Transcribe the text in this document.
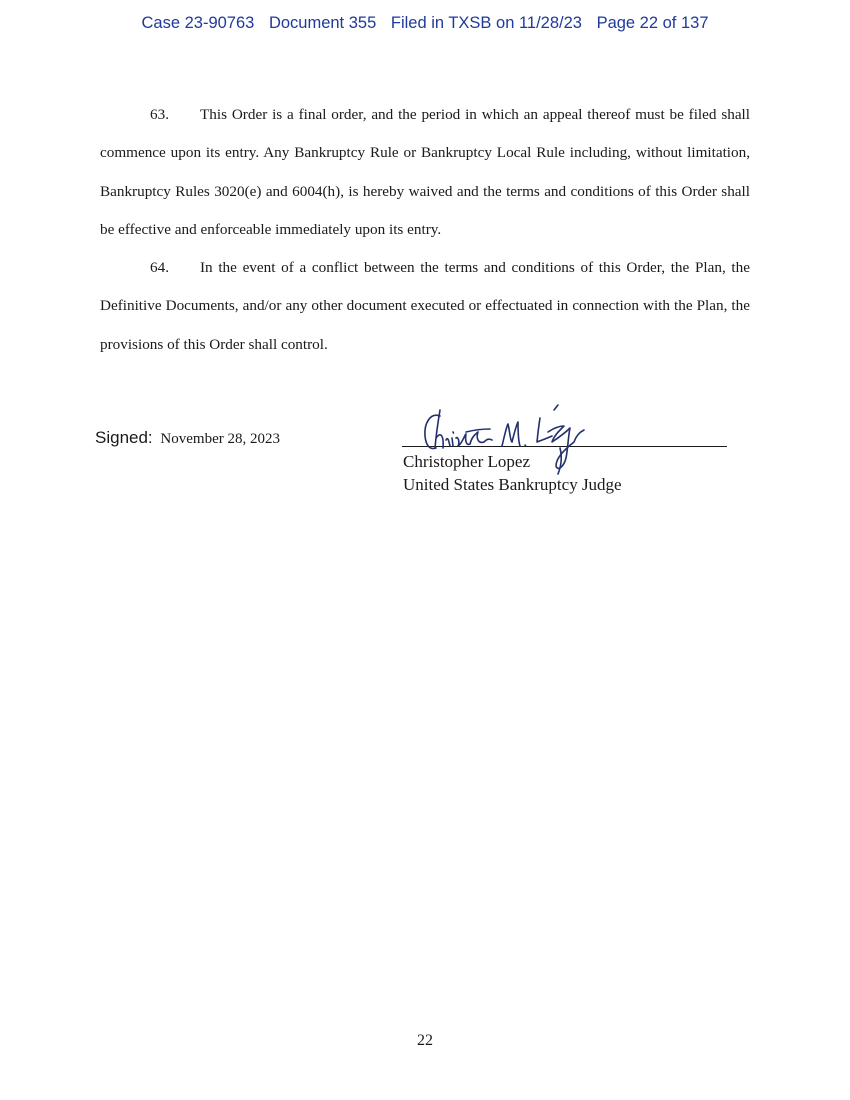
Case 23-90763 Document 355 Filed in TXSB on 11/28/23 Page 22 of 137

63. This Order is a final order, and the period in which an appeal thereof must be filed shall commence upon its entry. Any Bankruptcy Rule or Bankruptcy Local Rule including, without limitation, Bankruptcy Rules 3020(e) and 6004(h), is hereby waived and the terms and conditions of this Order shall be effective and enforceable immediately upon its entry.

64. In the event of a conflict between the terms and conditions of this Order, the Plan, the Definitive Documents, and/or any other document executed or effectuated in connection with the Plan, the provisions of this Order shall control.

Signed: November 28, 2023
Christopher Lopez
United States Bankruptcy Judge
22
